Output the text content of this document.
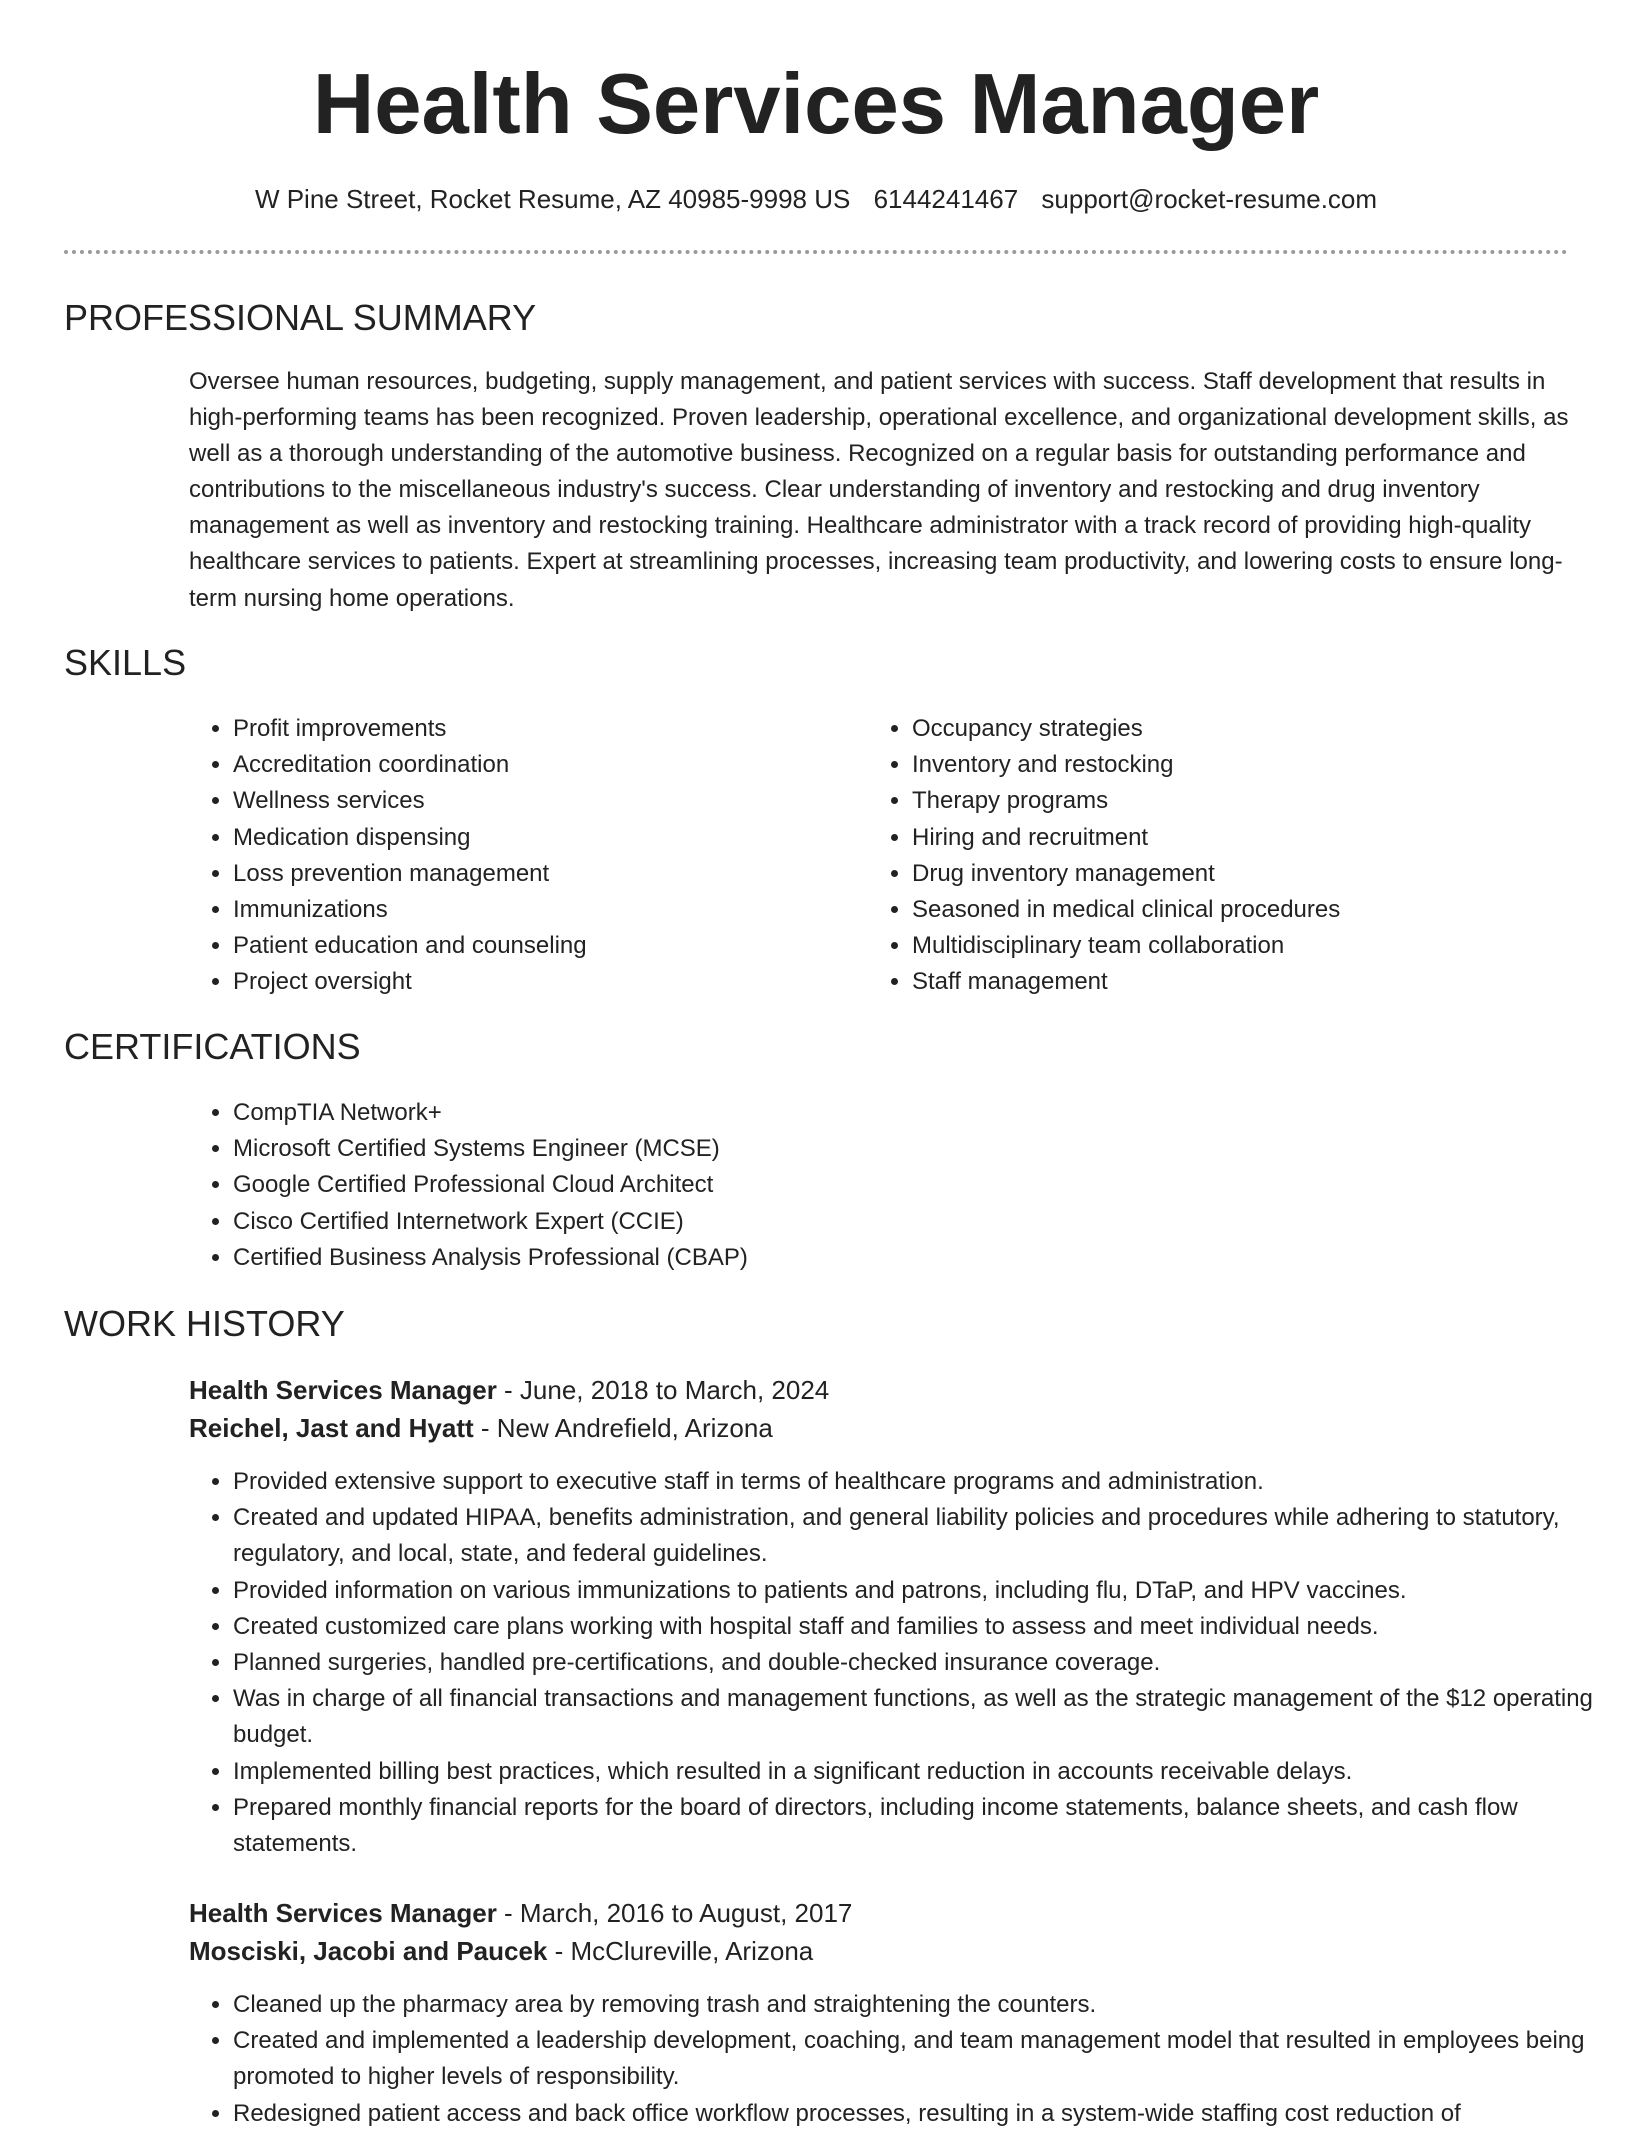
Health Services Manager
W Pine Street, Rocket Resume, AZ 40985-9998 US 6144241467 support@rocket-resume.com
PROFESSIONAL SUMMARY

Oversee human resources, budgeting, supply management, and patient services with success. Staff development that results in high-performing teams has been recognized. Proven leadership, operational excellence, and organizational development skills, as well as a thorough understanding of the automotive business. Recognized on a regular basis for outstanding performance and contributions to the miscellaneous industry's success. Clear understanding of inventory and restocking and drug inventory management as well as inventory and restocking training. Healthcare administrator with a track record of providing high-quality healthcare services to patients. Expert at streamlining processes, increasing team productivity, and lowering costs to ensure long-term nursing home operations.

SKILLS
• Profit improvements
• Accreditation coordination
• Wellness services
• Medication dispensing
• Loss prevention management
• Immunizations
• Patient education and counseling
• Project oversight
• Occupancy strategies
• Inventory and restocking
• Therapy programs
• Hiring and recruitment
• Drug inventory management
• Seasoned in medical clinical procedures
• Multidisciplinary team collaboration
• Staff management
CERTIFICATIONS
• CompTIA Network+
• Microsoft Certified Systems Engineer (MCSE)
• Google Certified Professional Cloud Architect
• Cisco Certified Internetwork Expert (CCIE)
• Certified Business Analysis Professional (CBAP)
WORK HISTORY
Health Services Manager - June, 2018 to March, 2024
Reichel, Jast and Hyatt - New Andrefield, Arizona
• Provided extensive support to executive staff in terms of healthcare programs and administration.
• Created and updated HIPAA, benefits administration, and general liability policies and procedures while adhering to statutory, regulatory, and local, state, and federal guidelines.
• Provided information on various immunizations to patients and patrons, including flu, DTaP, and HPV vaccines.
• Created customized care plans working with hospital staff and families to assess and meet individual needs.
• Planned surgeries, handled pre-certifications, and double-checked insurance coverage.
• Was in charge of all financial transactions and management functions, as well as the strategic management of the $12 operating budget.
• Implemented billing best practices, which resulted in a significant reduction in accounts receivable delays.
• Prepared monthly financial reports for the board of directors, including income statements, balance sheets, and cash flow statements.
Health Services Manager - March, 2016 to August, 2017
Mosciski, Jacobi and Paucek - McClureville, Arizona
• Cleaned up the pharmacy area by removing trash and straightening the counters.
• Created and implemented a leadership development, coaching, and team management model that resulted in employees being promoted to higher levels of responsibility.
• Redesigned patient access and back office workflow processes, resulting in a system-wide staffing cost reduction of
